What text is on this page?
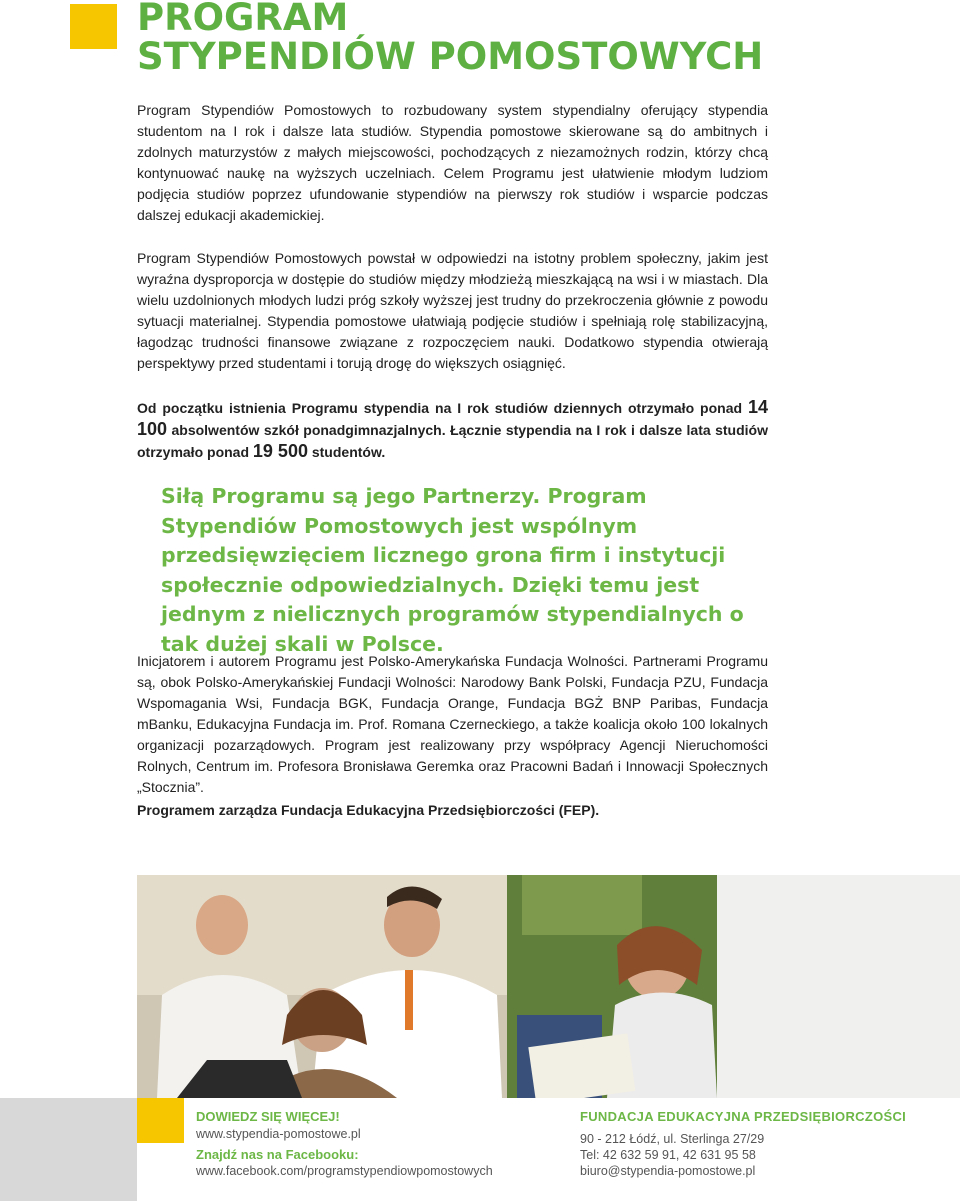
PROGRAM
STYPENDIÓW POMOSTOWYCH

Program Stypendiów Pomostowych to rozbudowany system stypendialny oferujący stypendia studentom na I rok i dalsze lata studiów. Stypendia pomostowe skierowane są do ambitnych i zdolnych maturzystów z małych miejscowości, pochodzących z niezamożnych rodzin, którzy chcą kontynuować naukę na wyższych uczelniach. Celem Programu jest ułatwienie młodym ludziom podjęcia studiów poprzez ufundowanie stypendiów na pierwszy rok studiów i wsparcie podczas dalszej edukacji akademickiej.

Program Stypendiów Pomostowych powstał w odpowiedzi na istotny problem społeczny, jakim jest wyraźna dysproporcja w dostępie do studiów między młodzieżą mieszkającą na wsi i w miastach. Dla wielu uzdolnionych młodych ludzi próg szkoły wyższej jest trudny do przekroczenia głównie z powodu sytuacji materialnej. Stypendia pomostowe ułatwiają podjęcie studiów i spełniają rolę stabilizacyjną, łagodząc trudności finansowe związane z rozpoczęciem nauki. Dodatkowo stypendia otwierają perspektywy przed studentami i torują drogę do większych osiągnięć.

Od początku istnienia Programu stypendia na I rok studiów dziennych otrzymało ponad 14 100 absolwentów szkół ponadgimnazjalnych. Łącznie stypendia na I rok i dalsze lata studiów otrzymało ponad 19 500 studentów.

Siłą Programu są jego Partnerzy. Program Stypendiów Pomostowych jest wspólnym przedsięwzięciem licznego grona firm i instytucji społecznie odpowiedzialnych. Dzięki temu jest jednym z nielicznych programów stypendialnych o tak dużej skali w Polsce.

Inicjatorem i autorem Programu jest Polsko-Amerykańska Fundacja Wolności. Partnerami Programu są, obok Polsko-Amerykańskiej Fundacji Wolności: Narodowy Bank Polski, Fundacja PZU, Fundacja Wspomagania Wsi, Fundacja BGK, Fundacja Orange, Fundacja BGŻ BNP Paribas, Fundacja mBanku, Edukacyjna Fundacja im. Prof. Romana Czerneckiego, a także koalicja około 100 lokalnych organizacji pozarządowych. Program jest realizowany przy współpracy Agencji Nieruchomości Rolnych, Centrum im. Profesora Bronisława Geremka oraz Pracowni Badań i Innowacji Społecznych „Stocznia”.

Programem zarządza Fundacja Edukacyjna Przedsiębiorczości (FEP).

DOWIEDZ SIĘ WIĘCEJ!

www.stypendia-pomostowe.pl

Znajdź nas na Facebooku:

www.facebook.com/programstypendiowpomostowych

FUNDACJA EDUKACYJNA PRZEDSIĘBIORCZOŚCI

90 - 212 Łódź, ul. Sterlinga 27/29

Tel: 42 632 59 91, 42 631 95 58

biuro@stypendia-pomostowe.pl
